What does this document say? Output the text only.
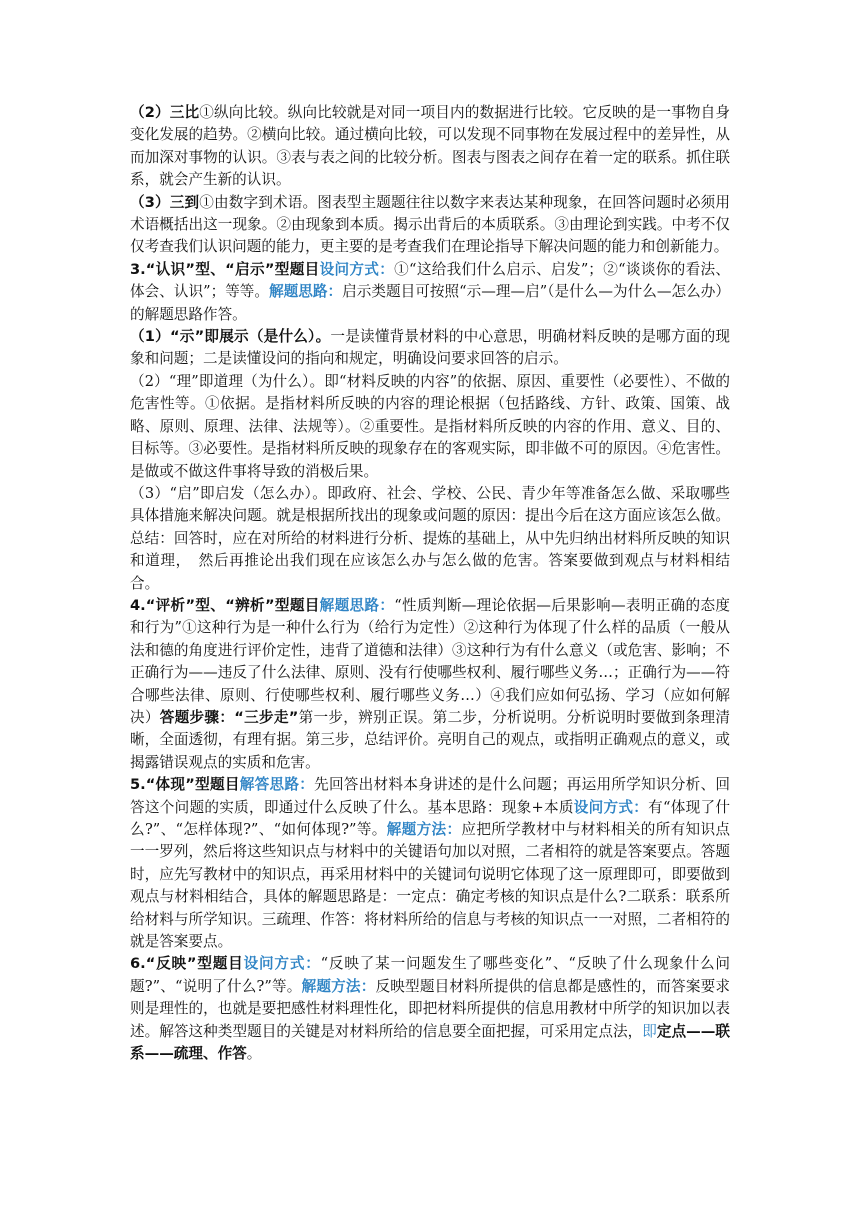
（2）三比①纵向比较。纵向比较就是对同一项目内的数据进行比较。它反映的是一事物自身变化发展的趋势。②横向比较。通过横向比较，可以发现不同事物在发展过程中的差异性，从而加深对事物的认识。③表与表之间的比较分析。图表与图表之间存在着一定的联系。抓住联系，就会产生新的认识。

（3）三到①由数字到术语。图表型主题题往往以数字来表达某种现象，在回答问题时必须用术语概括出这一现象。②由现象到本质。揭示出背后的本质联系。③由理论到实践。中考不仅仅考查我们认识问题的能力，更主要的是考查我们在理论指导下解决问题的能力和创新能力。

3.“认识”型、“启示”型题目设问方式：①“这给我们什么启示、启发”；②“谈谈你的看法、体会、认识”；等等。解题思路：启示类题目可按照“示—理—启”（是什么—为什么—怎么办）的解题思路作答。

（1）“示”即展示（是什么）。一是读懂背景材料的中心意思，明确材料反映的是哪方面的现象和问题；二是读懂设问的指向和规定，明确设问要求回答的启示。

（2）“理”即道理（为什么）。即“材料反映的内容”的依据、原因、重要性（必要性）、不做的危害性等。①依据。是指材料所反映的内容的理论根据（包括路线、方针、政策、国策、战略、原则、原理、法律、法规等）。②重要性。是指材料所反映的内容的作用、意义、目的、目标等。③必要性。是指材料所反映的现象存在的客观实际，即非做不可的原因。④危害性。是做或不做这件事将导致的消极后果。

（3）“启”即启发（怎么办）。即政府、社会、学校、公民、青少年等准备怎么做、采取哪些具体措施来解决问题。就是根据所找出的现象或问题的原因：提出今后在这方面应该怎么做。总结：回答时，应在对所给的材料进行分析、提炼的基础上，从中先归纳出材料所反映的知识和道理，　然后再推论出我们现在应该怎么办与怎么做的危害。答案要做到观点与材料相结合。

4.“评析”型、“辨析”型题目解题思路：“性质判断—理论依据—后果影响—表明正确的态度和行为”①这种行为是一种什么行为（给行为定性）②这种行为体现了什么样的品质（一般从法和德的角度进行评价定性，违背了道德和法律）③这种行为有什么意义（或危害、影响；不正确行为——违反了什么法律、原则、没有行使哪些权利、履行哪些义务…；正确行为——符合哪些法律、原则、行使哪些权利、履行哪些义务…）④我们应如何弘扬、学习（应如何解决）答题步骤：“三步走”第一步，辨别正误。第二步，分析说明。分析说明时要做到条理清晰，全面透彻，有理有据。第三步，总结评价。亮明自己的观点，或指明正确观点的意义，或揭露错误观点的实质和危害。

5.“体现”型题目解答思路：先回答出材料本身讲述的是什么问题；再运用所学知识分析、回答这个问题的实质，即通过什么反映了什么。基本思路：现象+本质设问方式：有“体现了什么?”、“怎样体现?”、“如何体现?”等。解题方法：应把所学教材中与材料相关的所有知识点一一罗列，然后将这些知识点与材料中的关键语句加以对照，二者相符的就是答案要点。答题时，应先写教材中的知识点，再采用材料中的关键词句说明它体现了这一原理即可，即要做到观点与材料相结合，具体的解题思路是：一定点：确定考核的知识点是什么?二联系：联系所给材料与所学知识。三疏理、作答：将材料所给的信息与考核的知识点一一对照，二者相符的就是答案要点。

6.“反映”型题目设问方式：“反映了某一问题发生了哪些变化”、“反映了什么现象什么问题?”、“说明了什么?”等。解题方法：反映型题目材料所提供的信息都是感性的，而答案要求则是理性的，也就是要把感性材料理性化，即把材料所提供的信息用教材中所学的知识加以表述。解答这种类型题目的关键是对材料所给的信息要全面把握，可采用定点法，即定点——联系——疏理、作答。
